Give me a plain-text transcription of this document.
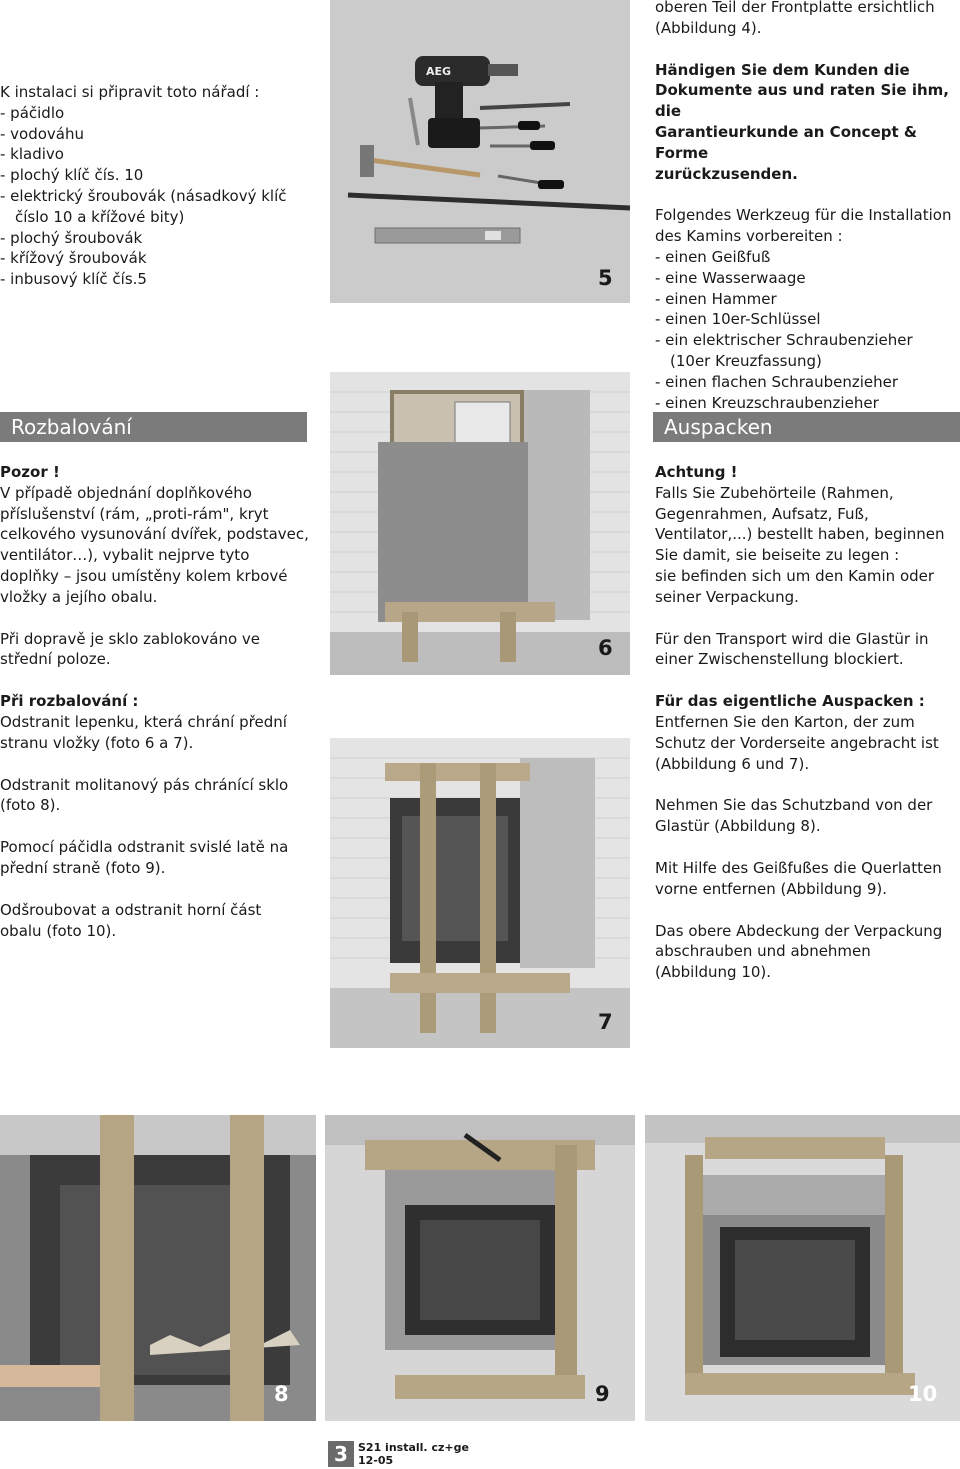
K instalaci si připravit toto nářadí :

- páčidlo
- vodováhu
- kladivo
- plochý klíč čís. 10
- elektrický šroubovák (násadkový klíč
číslo 10 a křížové bity)
- plochý šroubovák
- křížový šroubovák
- inbusový klíč čís.5

oberen Teil der Frontplatte ersichtlich

(Abbildung 4).

Händigen Sie dem Kunden die

Dokumente aus und raten Sie ihm, die

Garantieurkunde an Concept & Forme

zurückzusenden.

Folgendes Werkzeug für die Installation

des Kamins vorbereiten :

- einen Geißfuß
- eine Wasserwaage
- einen Hammer
- einen 10er-Schlüssel
- ein elektrischer Schraubenzieher
(10er Kreuzfassung)
- einen flachen Schraubenzieher
- einen Kreuzschraubenzieher
AEG
5
Rozbalování	Auspacken

Pozor !

V případě objednání doplňkového

příslušenství (rám, „proti-rám", kryt

celkového vysunování dvířek, podstavec,

ventilátor…), vybalit nejprve tyto

doplňky – jsou umístěny kolem krbové

vložky a jejího obalu.

Při dopravě je sklo zablokováno ve

střední poloze.

Při rozbalování :

Odstranit lepenku, která chrání přední

stranu vložky (foto 6 a 7).

Odstranit molitanový pás chránící sklo

(foto 8).

Pomocí páčidla odstranit svislé latě na

přední straně (foto 9).

Odšroubovat a odstranit horní část

obalu (foto 10).

Achtung !

Falls Sie Zubehörteile (Rahmen,

Gegenrahmen, Aufsatz, Fuß,

Ventilator,...) bestellt haben, beginnen

Sie damit, sie beiseite zu legen :

sie befinden sich um den Kamin oder

seiner Verpackung.

Für den Transport wird die Glastür in

einer Zwischenstellung blockiert.

Für das eigentliche Auspacken :

Entfernen Sie den Karton, der zum

Schutz der Vorderseite angebracht ist

(Abbildung 6 und 7).

Nehmen Sie das Schutzband von der

Glastür (Abbildung 8).

Mit Hilfe des Geißfußes die Querlatten

vorne entfernen (Abbildung 9).

Das obere Abdeckung der Verpackung

abschrauben und abnehmen

(Abbildung 10).

6
7
8	9	10
3 S21 install. cz+ge
12-05
